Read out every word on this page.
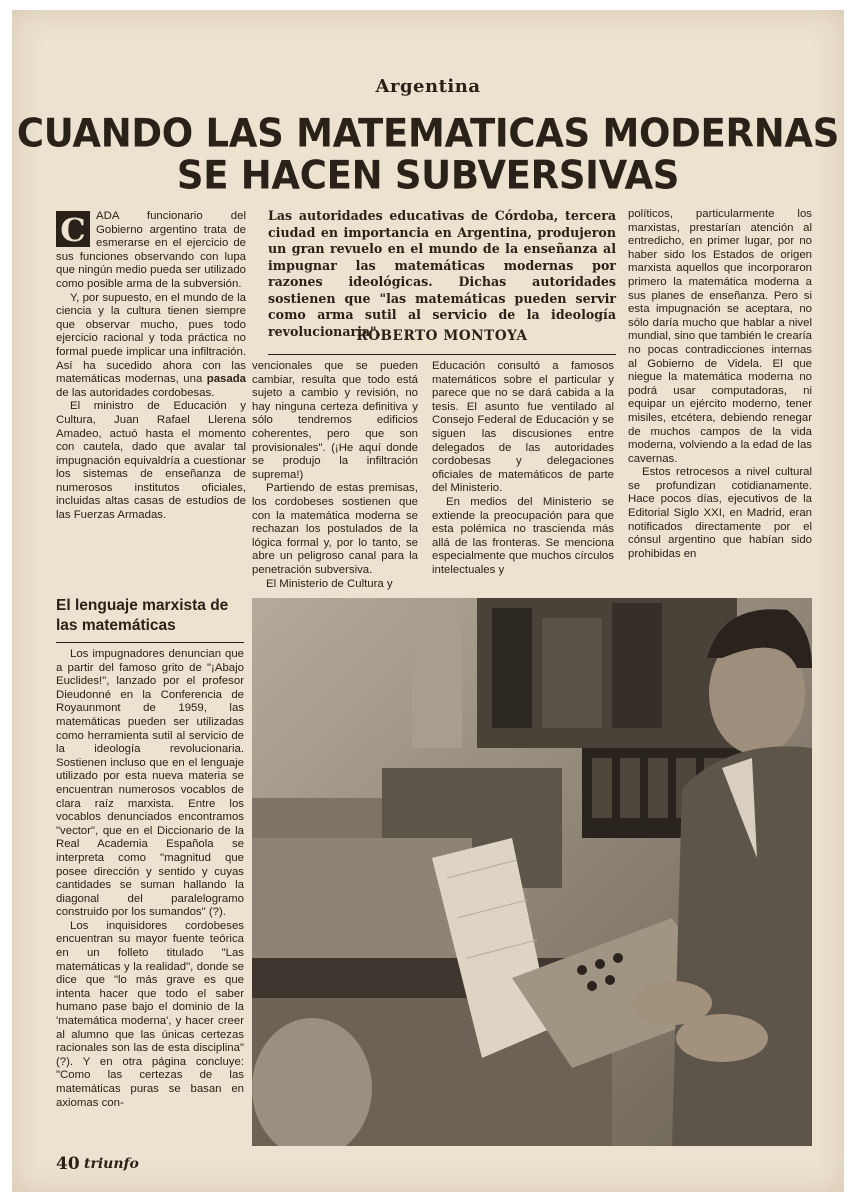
Argentina
CUANDO LAS MATEMATICAS MODERNAS
SE HACEN SUBVERSIVAS

C ADA funcionario del Gobierno argentino trata de esmerarse en el ejercicio de sus funciones observando con lupa que ningún medio pueda ser utilizado como posible arma de la subversión.

Y, por supuesto, en el mundo de la ciencia y la cultura tienen siempre que observar mucho, pues todo ejercicio racional y toda práctica no formal puede implicar una infiltración. Así ha sucedido ahora con las matemáticas modernas, una pasada de las autoridades cordobesas.

El ministro de Educación y Cultura, Juan Rafael Llerena Amadeo, actuó hasta el momento con cautela, dado que avalar tal impugnación equivaldría a cuestionar los sistemas de enseñanza de numerosos institutos oficiales, incluidas altas casas de estudios de las Fuerzas Armadas.

El lenguaje marxista de las matemáticas

Los impugnadores denuncian que a partir del famoso grito de "¡Abajo Euclides!", lanzado por el profesor Dieudonné en la Conferencia de Royaunmont de 1959, las matemáticas pueden ser utilizadas como herramienta sutil al servicio de la ideología revolucionaria. Sostienen incluso que en el lenguaje utilizado por esta nueva materia se encuentran numerosos vocablos de clara raíz marxista. Entre los vocablos denunciados encontramos "vector", que en el Diccionario de la Real Academia Española se interpreta como "magnitud que posee dirección y sentido y cuyas cantidades se suman hallando la diagonal del paralelogramo construido por los sumandos" (?).

Los inquisidores cordobeses encuentran su mayor fuente teórica en un folleto titulado "Las matemáticas y la realidad", donde se dice que "lo más grave es que intenta hacer que todo el saber humano pase bajo el dominio de la 'matemática moderna', y hacer creer al alumno que las únicas certezas racionales son las de esta disciplina" (?). Y en otra página concluye: "Como las certezas de las matemáticas puras se basan en axiomas con-

Las autoridades educativas de Córdoba, tercera ciudad en importancia en Argentina, produjeron un gran revuelo en el mundo de la enseñanza al impugnar las matemáticas modernas por razones ideológicas. Dichas autoridades sostienen que "las matemáticas pueden servir como arma sutil al servicio de la ideología revolucionaria".
ROBERTO MONTOYA

vencionales que se pueden cambiar, resulta que todo está sujeto a cambio y revisión, no hay ninguna certeza definitiva y sólo tendremos edificios coherentes, pero que son provisionales". (¡He aquí donde se produjo la infiltración suprema!)

Partiendo de estas premisas, los cordobeses sostienen que con la matemática moderna se rechazan los postulados de la lógica formal y, por lo tanto, se abre un peligroso canal para la penetración subversiva.

El Ministerio de Cultura y

Educación consultó a famosos matemáticos sobre el particular y parece que no se dará cabida a la tesis. El asunto fue ventilado al Consejo Federal de Educación y se siguen las discusiones entre delegados de las autoridades cordobesas y delegaciones oficiales de matemáticos de parte del Ministerio.

En medios del Ministerio se extiende la preocupación para que esta polémica no trascienda más allá de las fronteras. Se menciona especialmente que muchos círculos intelectuales y

políticos, particularmente los marxistas, prestarían atención al entredicho, en primer lugar, por no haber sido los Estados de origen marxista aquellos que incorporaron primero la matemática moderna a sus planes de enseñanza. Pero si esta impugnación se aceptara, no sólo daría mucho que hablar a nivel mundial, sino que también le crearía no pocas contradicciones internas al Gobierno de Videla. El que niegue la matemática moderna no podrá usar computadoras, ni equipar un ejército moderno, tener misiles, etcétera, debiendo renegar de muchos campos de la vida moderna, volviendo a la edad de las cavernas.

Estos retrocesos a nivel cultural se profundizan cotidianamente. Hace pocos días, ejecutivos de la Editorial Siglo XXI, en Madrid, eran notificados directamente por el cónsul argentino que habían sido prohibidas en

40 triunfo
